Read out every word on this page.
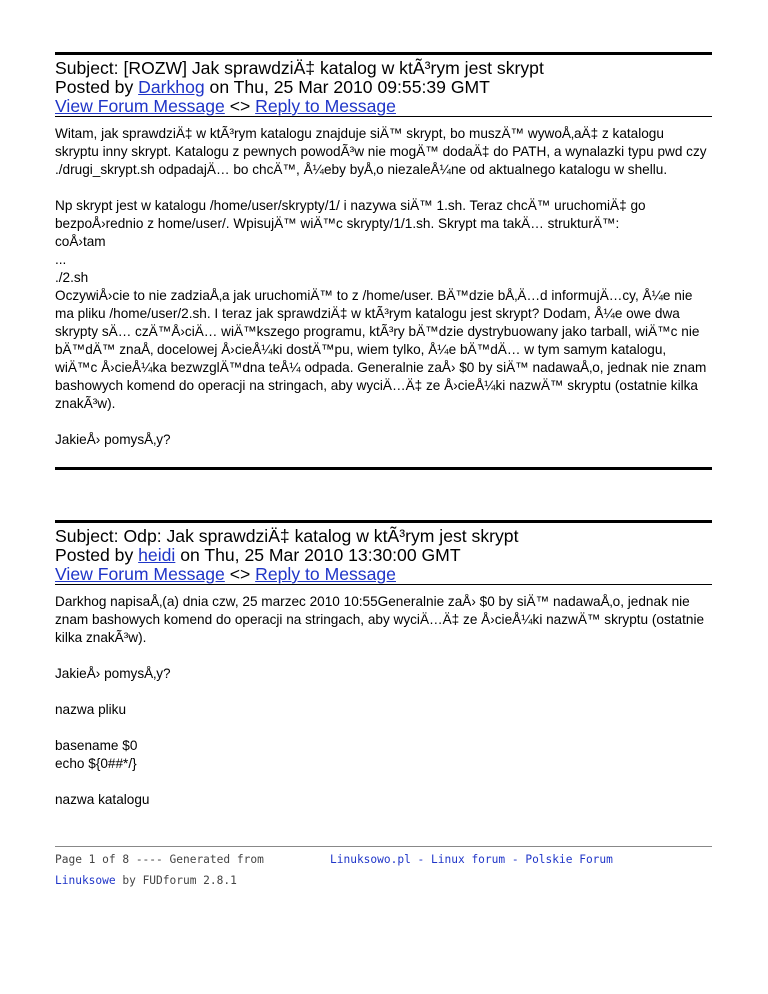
Subject: [ROZW] Jak sprawdziÄ‡ katalog w ktÃ³rym jest skrypt
Posted by Darkhog on Thu, 25 Mar 2010 09:55:39 GMT
View Forum Message <> Reply to Message

Witam, jak sprawdziÄ‡ w ktÃ³rym katalogu znajduje siÄ™ skrypt, bo muszÄ™ wywoÅ‚aÄ‡ z katalogu skryptu inny skrypt. Katalogu z pewnych powodÃ³w nie mogÄ™ dodaÄ‡ do PATH, a wynalazki typu pwd czy ./drugi_skrypt.sh odpadajÄ… bo chcÄ™, Å¼eby byÅ‚o niezaleÅ¼ne od aktualnego katalogu w shellu.

Np skrypt jest w katalogu /home/user/skrypty/1/ i nazywa siÄ™ 1.sh. Teraz chcÄ™ uruchomiÄ‡ go bezpoÅ›rednio z home/user/. WpisujÄ™ wiÄ™c skrypty/1/1.sh. Skrypt ma takÄ… strukturÄ™:
coÅ›tam
...
./2.sh
OczywiÅ›cie to nie zadziaÅ‚a jak uruchomiÄ™ to z /home/user. BÄ™dzie bÅ‚Ä…d informujÄ…cy, Å¼e nie ma pliku /home/user/2.sh. I teraz jak sprawdziÄ‡ w ktÃ³rym katalogu jest skrypt? Dodam, Å¼e owe dwa skrypty sÄ… czÄ™Å›ciÄ… wiÄ™kszego programu, ktÃ³ry bÄ™dzie dystrybuowany jako tarball, wiÄ™c nie bÄ™dÄ™ znaÅ‚ docelowej Å›cieÅ¼ki dostÄ™pu, wiem tylko, Å¼e bÄ™dÄ… w tym samym katalogu, wiÄ™c Å›cieÅ¼ka bezwzglÄ™dna teÅ¼ odpada. Generalnie zaÅ› $0 by siÄ™ nadawaÅ‚o, jednak nie znam bashowych komend do operacji na stringach, aby wyciÄ…Ä‡ ze Å›cieÅ¼ki nazwÄ™ skryptu (ostatnie kilka znakÃ³w).

JakieÅ› pomysÅ‚y?

Subject: Odp: Jak sprawdziÄ‡ katalog w ktÃ³rym jest skrypt
Posted by heidi on Thu, 25 Mar 2010 13:30:00 GMT
View Forum Message <> Reply to Message

Darkhog napisaÅ‚(a) dnia czw, 25 marzec 2010 10:55Generalnie zaÅ› $0 by siÄ™ nadawaÅ‚o, jednak nie znam bashowych komend do operacji na stringach, aby wyciÄ…Ä‡ ze Å›cieÅ¼ki nazwÄ™ skryptu (ostatnie kilka znakÃ³w).

JakieÅ› pomysÅ‚y?

nazwa pliku

basename $0
echo ${0##*/}

nazwa katalogu

Page 1 of 8 ---- Generated from
Linuksowe by FUDforum 2.8.1
Linuksowo.pl - Linux forum - Polskie Forum
